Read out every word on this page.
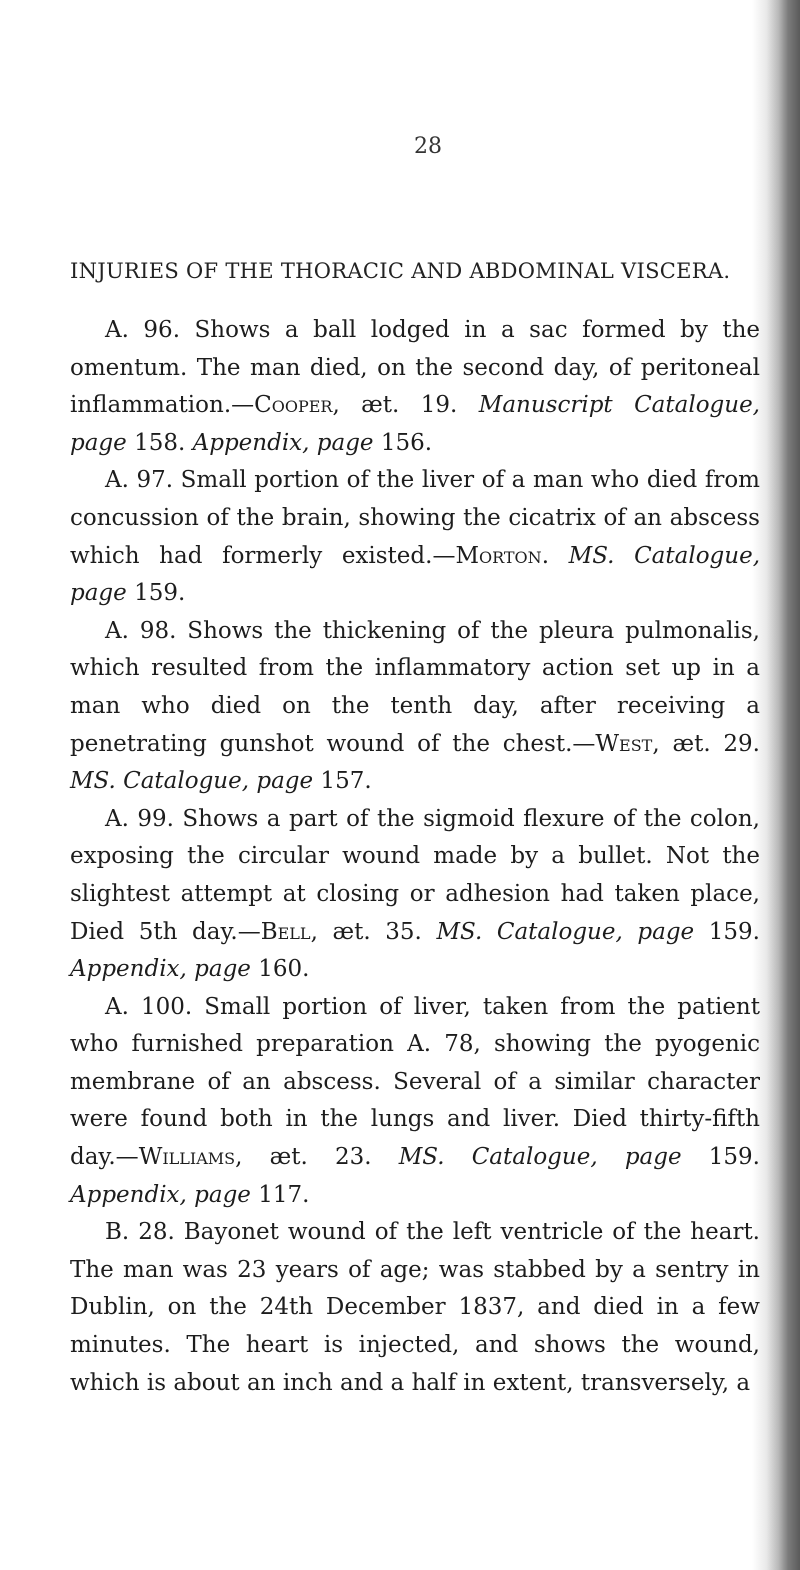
28
INJURIES OF THE THORACIC AND ABDOMINAL VISCERA.

A. 96. Shows a ball lodged in a sac formed by the omentum. The man died, on the second day, of peritoneal inflammation.—Cooper, æt. 19. Manuscript Catalogue, page 158. Appendix, page 156.

A. 97. Small portion of the liver of a man who died from concussion of the brain, showing the cicatrix of an abscess which had formerly existed.—Morton. MS. Catalogue, page 159.

A. 98. Shows the thickening of the pleura pulmonalis, which resulted from the inflammatory action set up in a man who died on the tenth day, after receiving a penetrating gunshot wound of the chest.—West, æt. 29. MS. Catalogue, page 157.

A. 99. Shows a part of the sigmoid flexure of the colon, exposing the circular wound made by a bullet. Not the slightest attempt at closing or adhesion had taken place, Died 5th day.—Bell, æt. 35. MS. Catalogue, page 159. Appendix, page 160.

A. 100. Small portion of liver, taken from the patient who furnished preparation A. 78, showing the pyogenic membrane of an abscess. Several of a similar character were found both in the lungs and liver. Died thirty-fifth day.—Williams, æt. 23. MS. Catalogue, page 159. Appendix, page 117.

B. 28. Bayonet wound of the left ventricle of the heart. The man was 23 years of age; was stabbed by a sentry in Dublin, on the 24th December 1837, and died in a few minutes. The heart is injected, and shows the wound, which is about an inch and a half in extent, transversely, a
